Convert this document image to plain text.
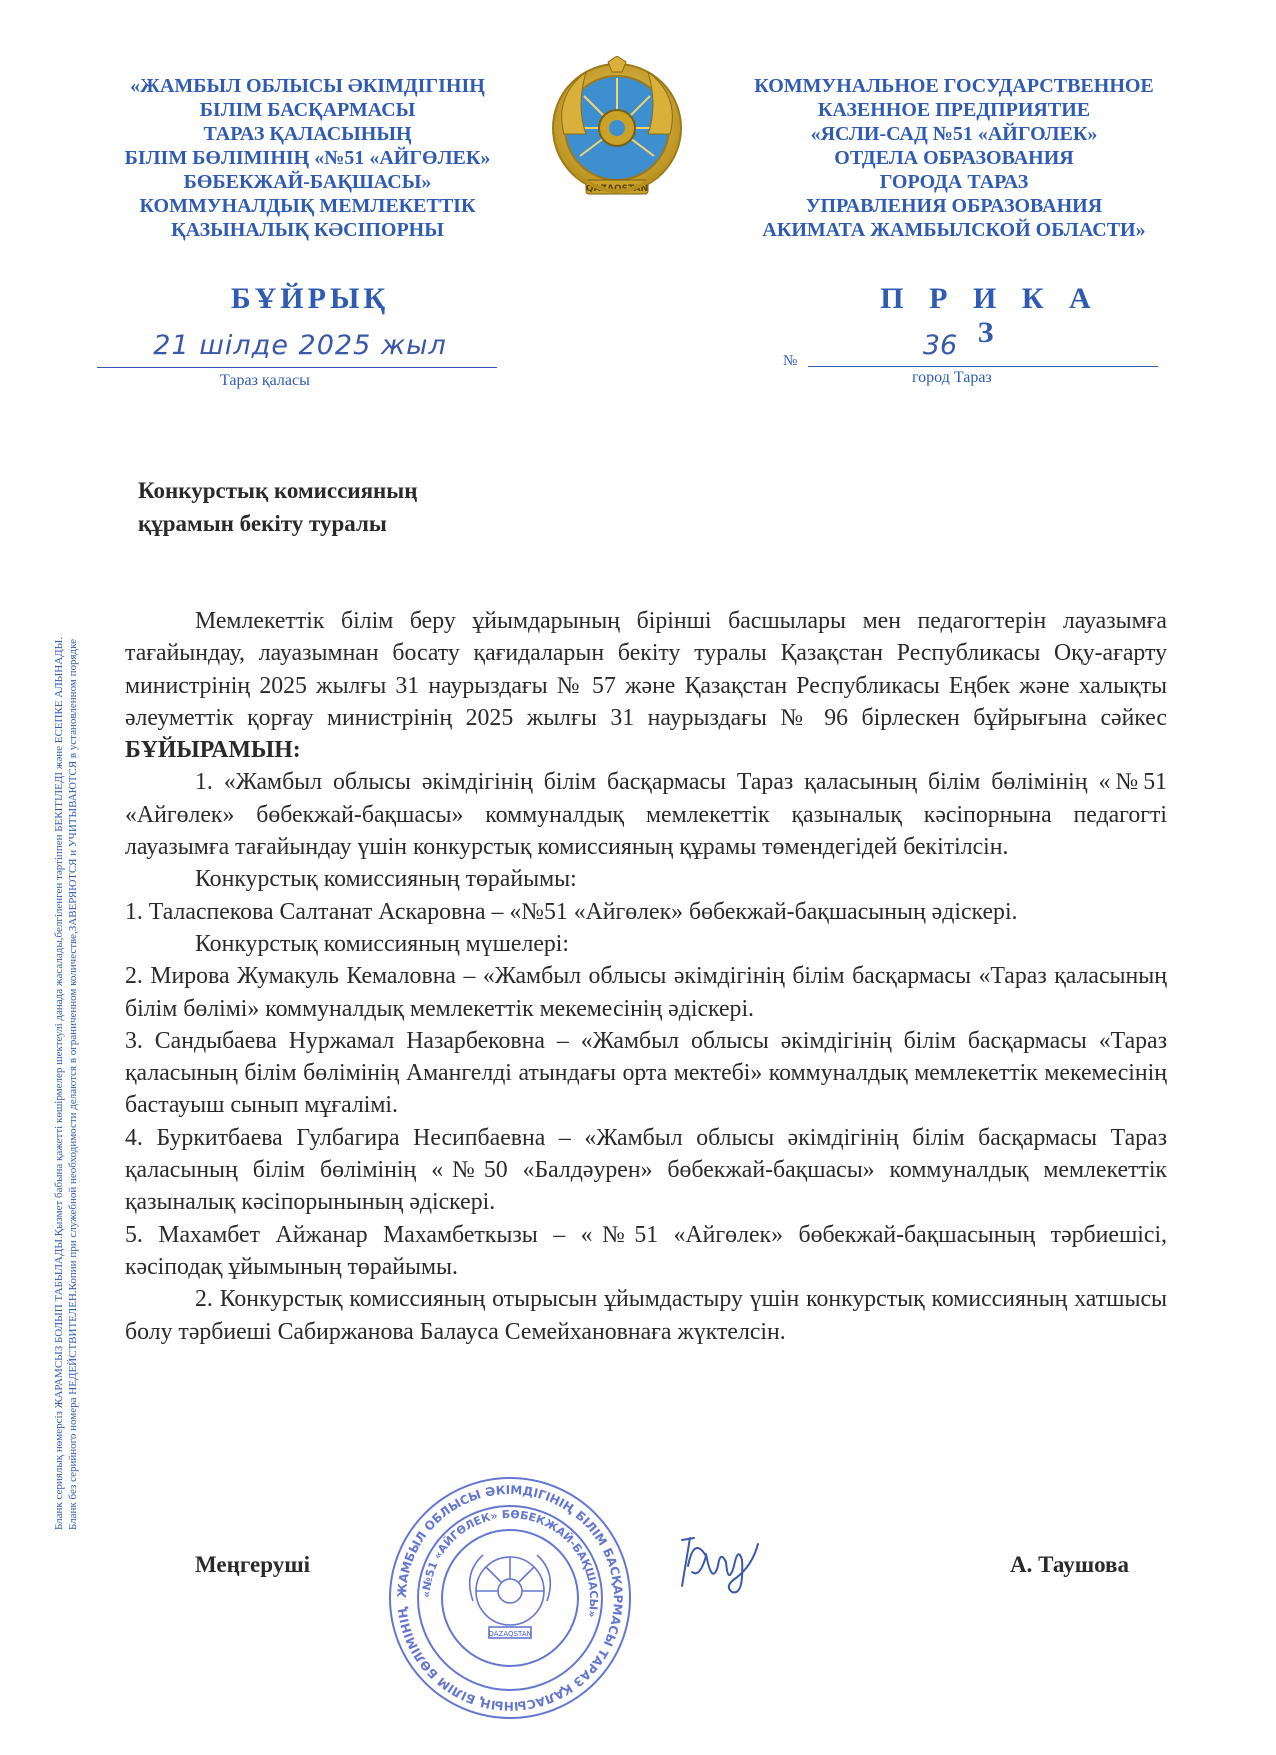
«ЖАМБЫЛ ОБЛЫСЫ ӘКІМДІГІНІҢ
БІЛІМ БАСҚАРМАСЫ
ТАРАЗ ҚАЛАСЫНЫҢ
БІЛІМ БӨЛІМІНІҢ «№51 «АЙГӨЛЕК»
БӨБЕКЖАЙ-БАҚШАСЫ»
КОММУНАЛДЫҚ МЕМЛЕКЕТТІК
ҚАЗЫНАЛЫҚ КӘСІПОРНЫ
QAZAQSTAN
КОММУНАЛЬНОЕ ГОСУДАРСТВЕННОЕ
КАЗЕННОЕ ПРЕДПРИЯТИЕ
«ЯСЛИ-САД №51 «АЙГОЛЕК»
ОТДЕЛА ОБРАЗОВАНИЯ
ГОРОДА ТАРАЗ
УПРАВЛЕНИЯ ОБРАЗОВАНИЯ
АКИМАТА ЖАМБЫЛСКОЙ ОБЛАСТИ»
БҰЙРЫҚ	П Р И К А З
21 шілде 2025 жыл
Тараз қаласы
№	36
город Тараз
Бланк сериялық нөмерсіз ЖАРАМСЫЗ БОЛЫП ТАБЫЛАДЫ.Қызмет бабына қажетті көшірмелер шектеулі данада жасалады,белгіленген тәртіппен БЕКІТІЛЕДІ және ЕСЕПКЕ АЛЫНАДЫ. Бланк без серийного номера НЕДЕЙСТВИТЕЛЕН.Копии при служебной необходимости делаются в ограниченном количестве,ЗАВЕРЯЮТСЯ и УЧИТЫВАЮТСЯ в установленном порядке
Конкурстық комиссияның
құрамын бекіту туралы

Мемлекеттік білім беру ұйымдарының бірінші басшылары мен педагогтерін лауазымға тағайындау, лауазымнан босату қағидаларын бекіту туралы Қазақстан Республикасы Оқу-ағарту министрінің 2025 жылғы 31 наурыздағы № 57 және Қазақстан Республикасы Еңбек және халықты әлеуметтік қорғау министрінің 2025 жылғы 31 наурыздағы № 96 бірлескен бұйрығына сәйкес БҰЙЫРАМЫН:

1. «Жамбыл облысы әкімдігінің білім басқармасы Тараз қаласының білім бөлімінің «№51 «Айгөлек» бөбекжай-бақшасы» коммуналдық мемлекеттік қазыналық кәсіпорнына педагогті лауазымға тағайындау үшін конкурстық комиссияның құрамы төмендегідей бекітілсін.

Конкурстық комиссияның төрайымы:

1. Таласпекова Салтанат Аскаровна – «№51 «Айгөлек» бөбекжай-бақшасының әдіскері.

Конкурстық комиссияның мүшелері:

2. Мирова Жумакуль Кемаловна – «Жамбыл облысы әкімдігінің білім басқармасы «Тараз қаласының білім бөлімі» коммуналдық мемлекеттік мекемесінің әдіскері.

3. Сандыбаева Нуржамал Назарбековна – «Жамбыл облысы әкімдігінің білім басқармасы «Тараз қаласының білім бөлімінің Амангелді атындағы орта мектебі» коммуналдық мемлекеттік мекемесінің бастауыш сынып мұғалімі.

4. Буркитбаева Гулбагира Несипбаевна – «Жамбыл облысы әкімдігінің білім басқармасы Тараз қаласының білім бөлімінің «№50 «Балдәурен» бөбекжай-бақшасы» коммуналдық мемлекеттік қазыналық кәсіпорынының әдіскері.

5. Махамбет Айжанар Махамбеткызы – «№51 «Айгөлек» бөбекжай-бақшасының тәрбиешісі, кәсіподақ ұйымының төрайымы.

2. Конкурстық комиссияның отырысын ұйымдастыру үшін конкурстық комиссияның хатшысы болу тәрбиеші Сабиржанова Балауса Семейхановнаға жүктелсін.

Меңгеруші
ЖАМБЫЛ ОБЛЫСЫ ӘКІМДІГІНІҢ БІЛІМ БАСҚАРМАСЫ ТАРАЗ ҚАЛАСЫНЫҢ БІЛІМ БӨЛІМІНІҢ
«№51 «АЙГӨЛЕК» БӨБЕКЖАЙ-БАҚШАСЫ»
QAZAQSTAN
А. Таушова
